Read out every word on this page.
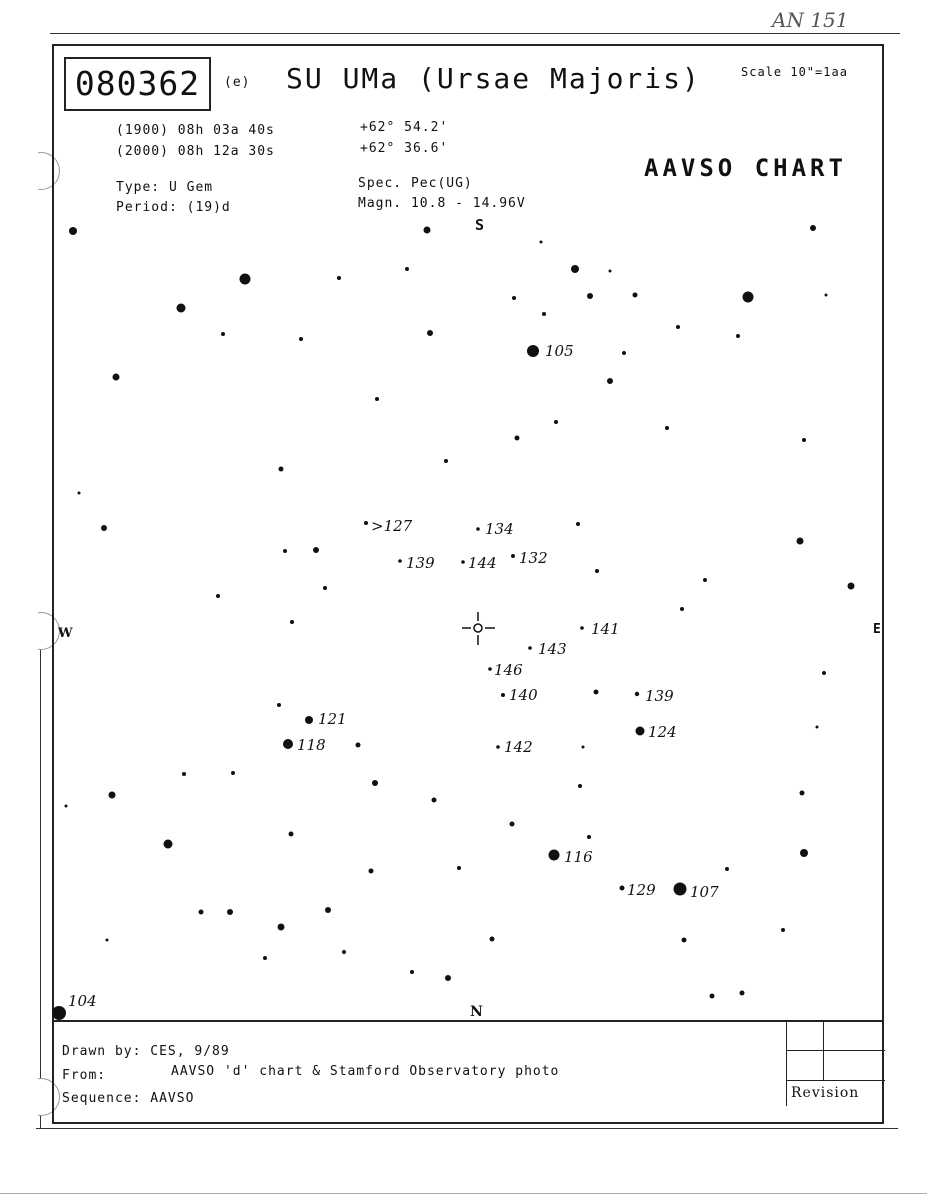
AN 151
080362	(e) SU UMa (Ursae Majoris)	Scale 10"=1aa
(1900) 08h 03a 40s	+62° 54.2'
(2000) 08h 12a 30s	+62° 36.6'
AAVSO CHART
Type: U Gem
Period: (19)d
Spec. Pec(UG)
Magn. 10.8 - 14.96V
105
>127	134
139 144 132
141
143
146
140	139
124
121
118	142
116
129 107
104
S
N
W	E
Drawn by: CES, 9/89
From:	AAVSO 'd' chart & Stamford Observatory photo
Sequence: AAVSO	Revision
